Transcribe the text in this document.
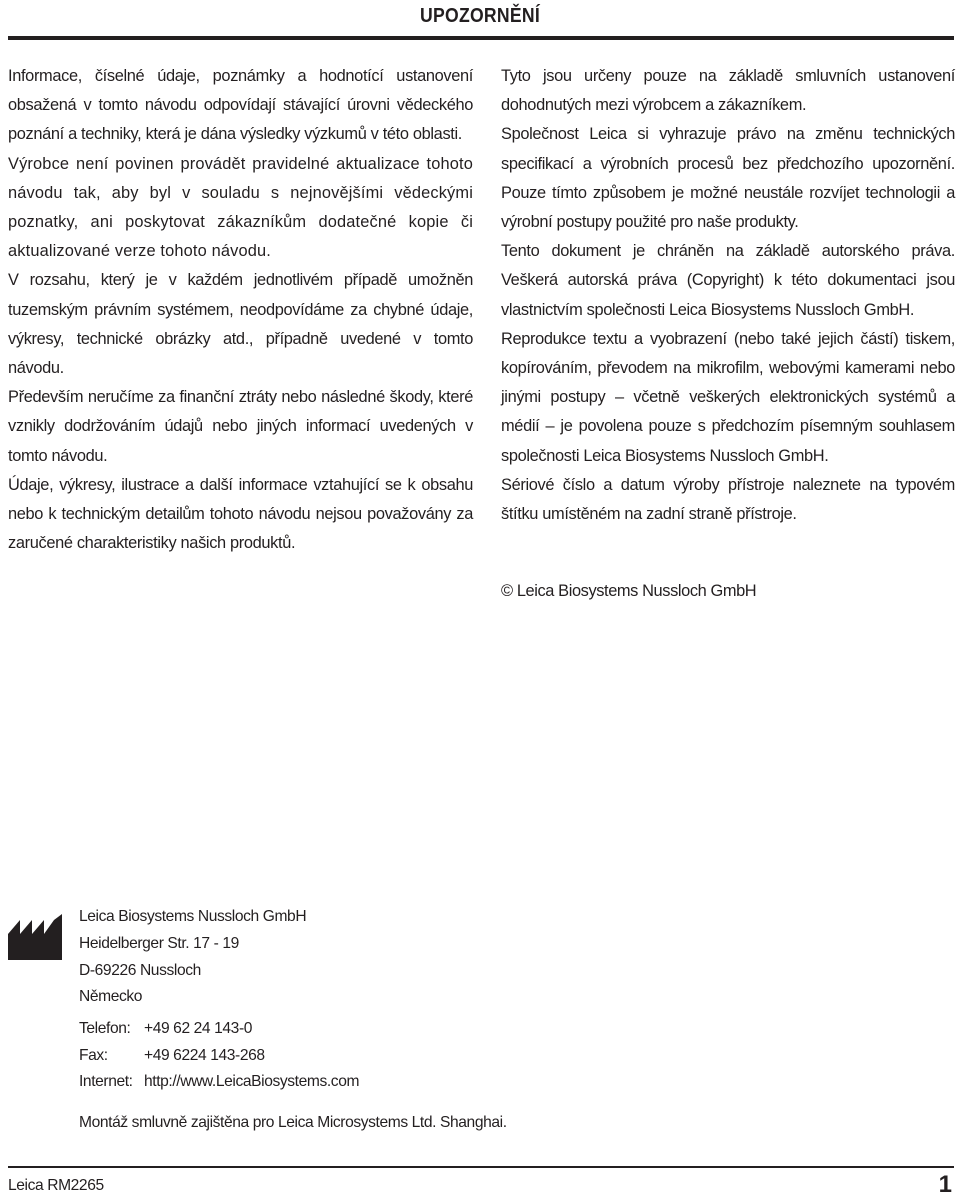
UPOZORNĚNÍ

Informace, číselné údaje, poznámky a hodnotící ustanovení obsažená v tomto návodu odpovídají stávající úrovni vědeckého poznání a techniky, která je dána výsledky výzkumů v této oblasti.

Výrobce není povinen provádět pravidelné aktualizace tohoto návodu tak, aby byl v souladu s nejnovějšími vědeckými poznatky, ani poskytovat zákazníkům dodatečné kopie či aktualizované verze tohoto návodu.

V rozsahu, který je v každém jednotlivém případě umožněn tuzemským právním systémem, neodpovídáme za chybné údaje, výkresy, technické obrázky atd., případně uvedené v tomto návodu.

Především neručíme za finanční ztráty nebo následné škody, které vznikly dodržováním údajů nebo jiných informací uvedených v tomto návodu.

Údaje, výkresy, ilustrace a další informace vztahující se k obsahu nebo k technickým detailům tohoto návodu nejsou považovány za zaručené charakteristiky našich produktů.

Tyto jsou určeny pouze na základě smluvních ustanovení dohodnutých mezi výrobcem a zákazníkem.

Společnost Leica si vyhrazuje právo na změnu technických specifikací a výrobních procesů bez předchozího upozornění. Pouze tímto způsobem je možné neustále rozvíjet technologii a výrobní postupy použité pro naše produkty.

Tento dokument je chráněn na základě autorského práva. Veškerá autorská práva (Copyright) k této dokumentaci jsou vlastnictvím společnosti Leica Biosystems Nussloch GmbH.

Reprodukce textu a vyobrazení (nebo také jejich částí) tiskem, kopírováním, převodem na mikrofilm, webovými kamerami nebo jinými postupy – včetně veškerých elektronických systémů a médií – je povolena pouze s předchozím písemným souhlasem společnosti Leica Biosystems Nussloch GmbH.

Sériové číslo a datum výroby přístroje naleznete na typovém štítku umístěném na zadní straně přístroje.

© Leica Biosystems Nussloch GmbH
Leica Biosystems Nussloch GmbH
Heidelberger Str. 17 - 19
D-69226 Nussloch
Německo
Telefon: +49 62 24 143-0
Fax:	+49 6224 143-268
Internet: http://www.LeicaBiosystems.com
Montáž smluvně zajištěna pro Leica Microsystems Ltd. Shanghai.
Leica RM2265	1
